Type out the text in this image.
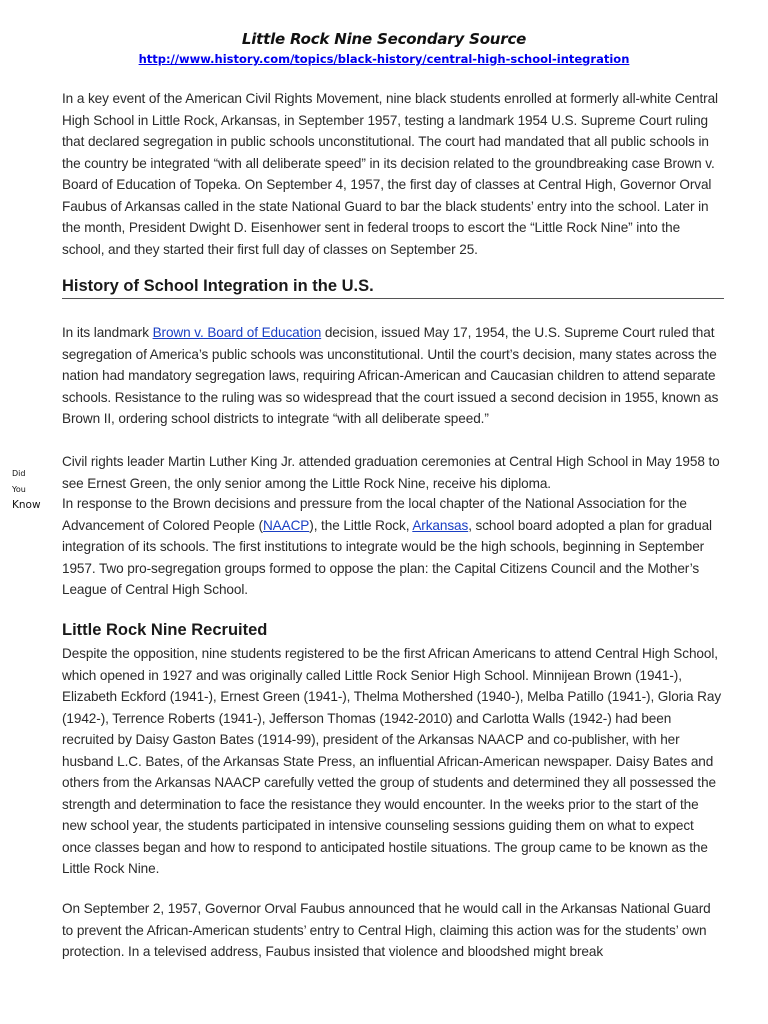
Little Rock Nine Secondary Source
http://www.history.com/topics/black-history/central-high-school-integration

In a key event of the American Civil Rights Movement, nine black students enrolled at formerly all-white Central High School in Little Rock, Arkansas, in September 1957, testing a landmark 1954 U.S. Supreme Court ruling that declared segregation in public schools unconstitutional. The court had mandated that all public schools in the country be integrated “with all deliberate speed” in its decision related to the groundbreaking case Brown v. Board of Education of Topeka. On September 4, 1957, the first day of classes at Central High, Governor Orval Faubus of Arkansas called in the state National Guard to bar the black students’ entry into the school. Later in the month, President Dwight D. Eisenhower sent in federal troops to escort the “Little Rock Nine” into the school, and they started their first full day of classes on September 25.

History of School Integration in the U.S.

In its landmark Brown v. Board of Education decision, issued May 17, 1954, the U.S. Supreme Court ruled that segregation of America’s public schools was unconstitutional. Until the court’s decision, many states across the nation had mandatory segregation laws, requiring African-American and Caucasian children to attend separate schools. Resistance to the ruling was so widespread that the court issued a second decision in 1955, known as Brown II, ordering school districts to integrate “with all deliberate speed.”

Did
You
Know

Civil rights leader Martin Luther King Jr. attended graduation ceremonies at Central High School in May 1958 to see Ernest Green, the only senior among the Little Rock Nine, receive his diploma.

In response to the Brown decisions and pressure from the local chapter of the National Association for the Advancement of Colored People (NAACP), the Little Rock, Arkansas, school board adopted a plan for gradual integration of its schools. The first institutions to integrate would be the high schools, beginning in September 1957. Two pro-segregation groups formed to oppose the plan: the Capital Citizens Council and the Mother’s League of Central High School.

Little Rock Nine Recruited

Despite the opposition, nine students registered to be the first African Americans to attend Central High School, which opened in 1927 and was originally called Little Rock Senior High School. Minnijean Brown (1941-), Elizabeth Eckford (1941-), Ernest Green (1941-), Thelma Mothershed (1940-), Melba Patillo (1941-), Gloria Ray (1942-), Terrence Roberts (1941-), Jefferson Thomas (1942-2010) and Carlotta Walls (1942-) had been recruited by Daisy Gaston Bates (1914-99), president of the Arkansas NAACP and co-publisher, with her husband L.C. Bates, of the Arkansas State Press, an influential African-American newspaper. Daisy Bates and others from the Arkansas NAACP carefully vetted the group of students and determined they all possessed the strength and determination to face the resistance they would encounter. In the weeks prior to the start of the new school year, the students participated in intensive counseling sessions guiding them on what to expect once classes began and how to respond to anticipated hostile situations. The group came to be known as the Little Rock Nine.

On September 2, 1957, Governor Orval Faubus announced that he would call in the Arkansas National Guard to prevent the African-American students’ entry to Central High, claiming this action was for the students’ own protection. In a televised address, Faubus insisted that violence and bloodshed might break
